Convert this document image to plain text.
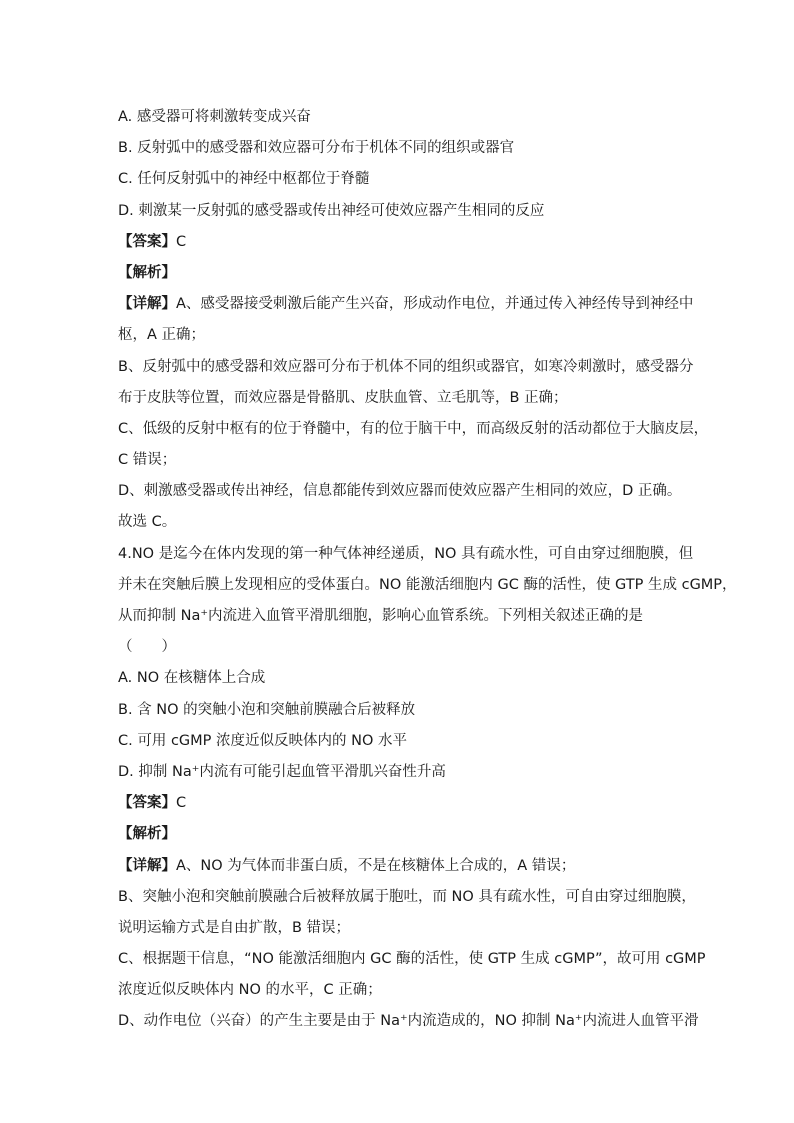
A. 感受器可将刺激转变成兴奋
B. 反射弧中的感受器和效应器可分布于机体不同的组织或器官
C. 任何反射弧中的神经中枢都位于脊髓
D. 刺激某一反射弧的感受器或传出神经可使效应器产生相同的反应
【答案】C
【解析】
【详解】A、感受器接受刺激后能产生兴奋，形成动作电位，并通过传入神经传导到神经中
枢，A 正确；
B、反射弧中的感受器和效应器可分布于机体不同的组织或器官，如寒冷刺激时，感受器分
布于皮肤等位置，而效应器是骨骼肌、皮肤血管、立毛肌等，B 正确；
C、低级的反射中枢有的位于脊髓中，有的位于脑干中，而高级反射的活动都位于大脑皮层，
C 错误；
D、刺激感受器或传出神经，信息都能传到效应器而使效应器产生相同的效应，D 正确。
故选 C。
4.NO 是迄今在体内发现的第一种气体神经递质，NO 具有疏水性，可自由穿过细胞膜，但
并未在突触后膜上发现相应的受体蛋白。NO 能激活细胞内 GC 酶的活性，使 GTP 生成 cGMP，
从而抑制 Na⁺内流进入血管平滑肌细胞，影响心血管系统。下列相关叙述正确的是
（　　）
A. NO 在核糖体上合成
B. 含 NO 的突触小泡和突触前膜融合后被释放
C. 可用 cGMP 浓度近似反映体内的 NO 水平
D. 抑制 Na⁺内流有可能引起血管平滑肌兴奋性升高
【答案】C
【解析】
【详解】A、NO 为气体而非蛋白质，不是在核糖体上合成的，A 错误；
B、突触小泡和突触前膜融合后被释放属于胞吐，而 NO 具有疏水性，可自由穿过细胞膜，
说明运输方式是自由扩散，B 错误；
C、根据题干信息，“NO 能激活细胞内 GC 酶的活性，使 GTP 生成 cGMP”，故可用 cGMP
浓度近似反映体内 NO 的水平，C 正确；
D、动作电位（兴奋）的产生主要是由于 Na⁺内流造成的，NO 抑制 Na⁺内流进人血管平滑
